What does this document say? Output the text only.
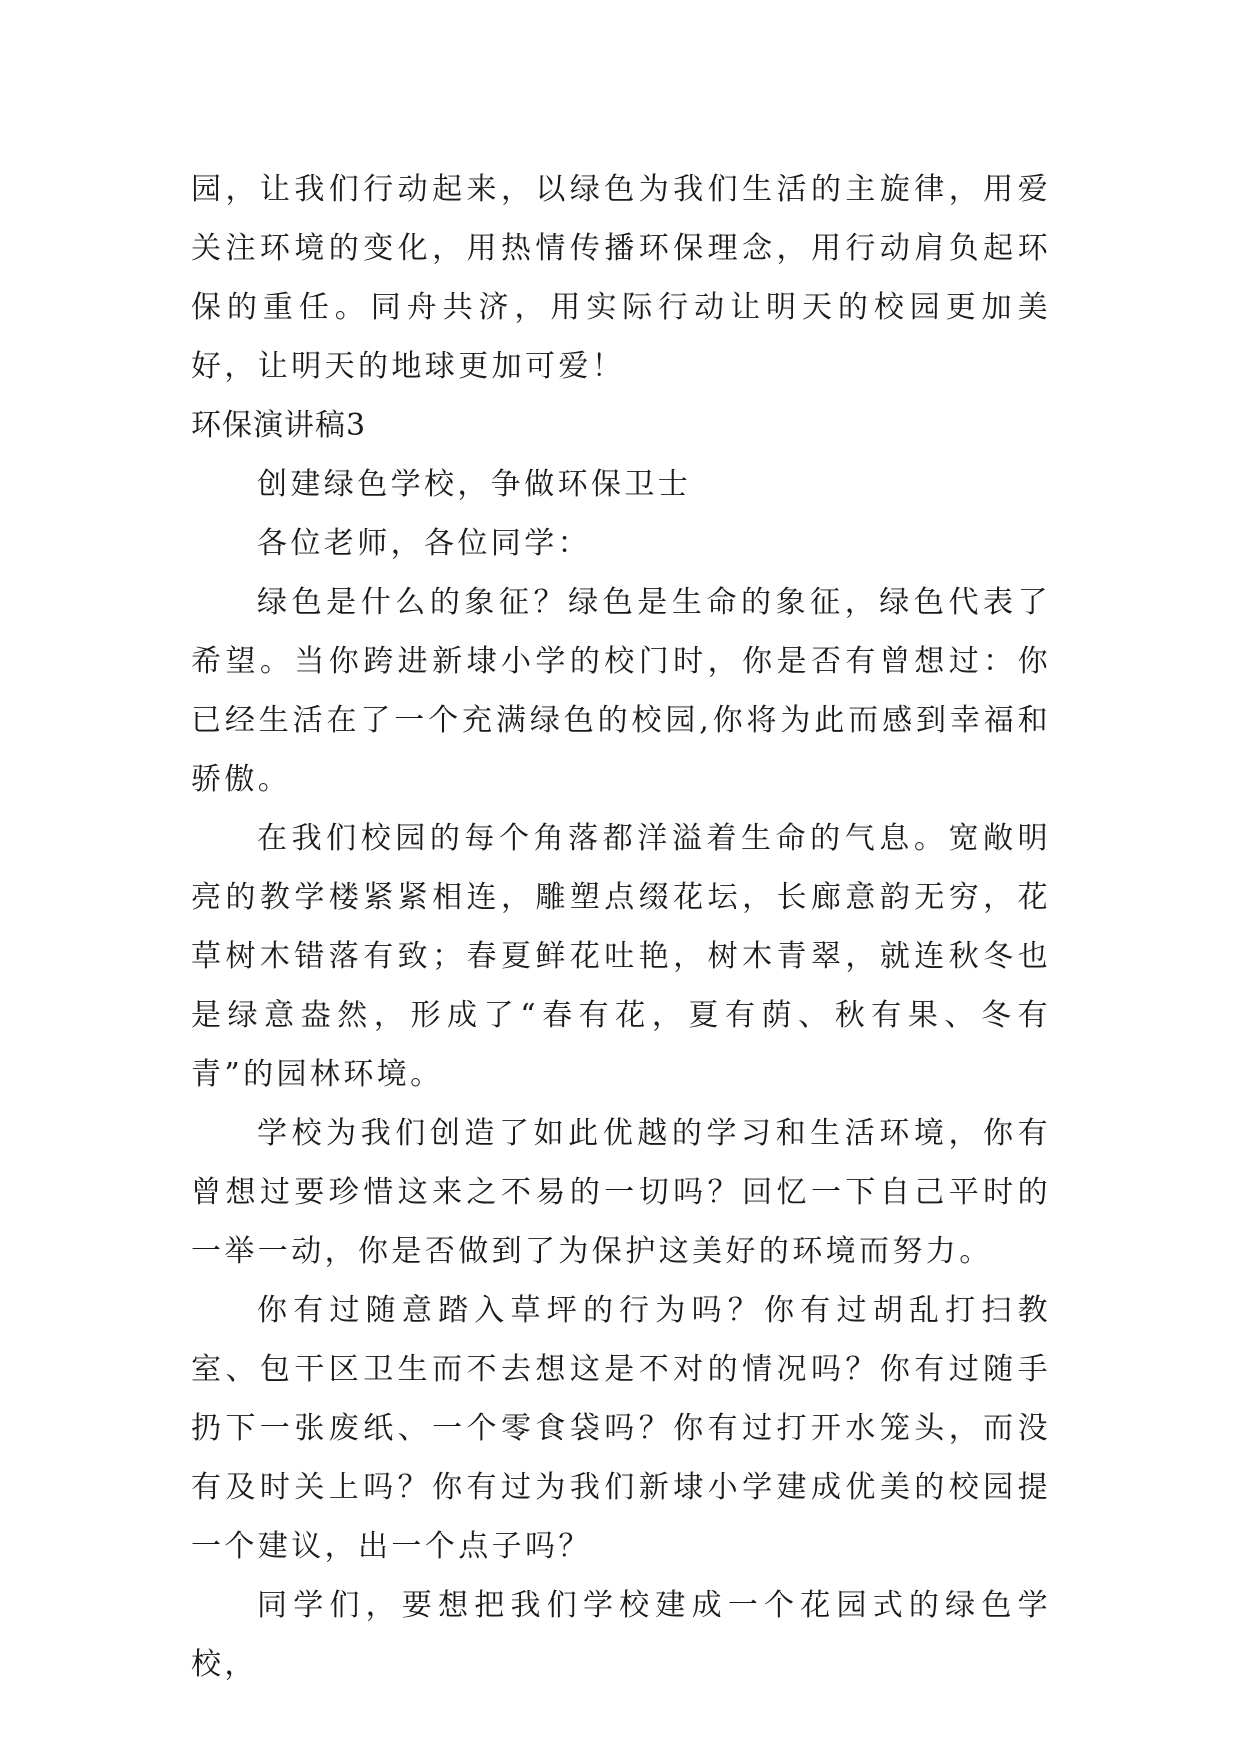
园，让我们行动起来，以绿色为我们生活的主旋律，用爱关注环境的变化，用热情传播环保理念，用行动肩负起环保的重任。同舟共济，用实际行动让明天的校园更加美好，让明天的地球更加可爱！

环保演讲稿3

创建绿色学校，争做环保卫士

各位老师，各位同学：

绿色是什么的象征？绿色是生命的象征，绿色代表了希望。当你跨进新埭小学的校门时，你是否有曾想过：你已经生活在了一个充满绿色的校园,你将为此而感到幸福和骄傲。

在我们校园的每个角落都洋溢着生命的气息。宽敞明亮的教学楼紧紧相连，雕塑点缀花坛，长廊意韵无穷，花草树木错落有致；春夏鲜花吐艳，树木青翠，就连秋冬也是绿意盎然，形成了“春有花，夏有荫、秋有果、冬有青”的园林环境。

学校为我们创造了如此优越的学习和生活环境，你有曾想过要珍惜这来之不易的一切吗？回忆一下自己平时的一举一动，你是否做到了为保护这美好的环境而努力。

你有过随意踏入草坪的行为吗？你有过胡乱打扫教室、包干区卫生而不去想这是不对的情况吗？你有过随手扔下一张废纸、一个零食袋吗？你有过打开水笼头，而没有及时关上吗？你有过为我们新埭小学建成优美的校园提一个建议，出一个点子吗？

同学们，要想把我们学校建成一个花园式的绿色学校，
